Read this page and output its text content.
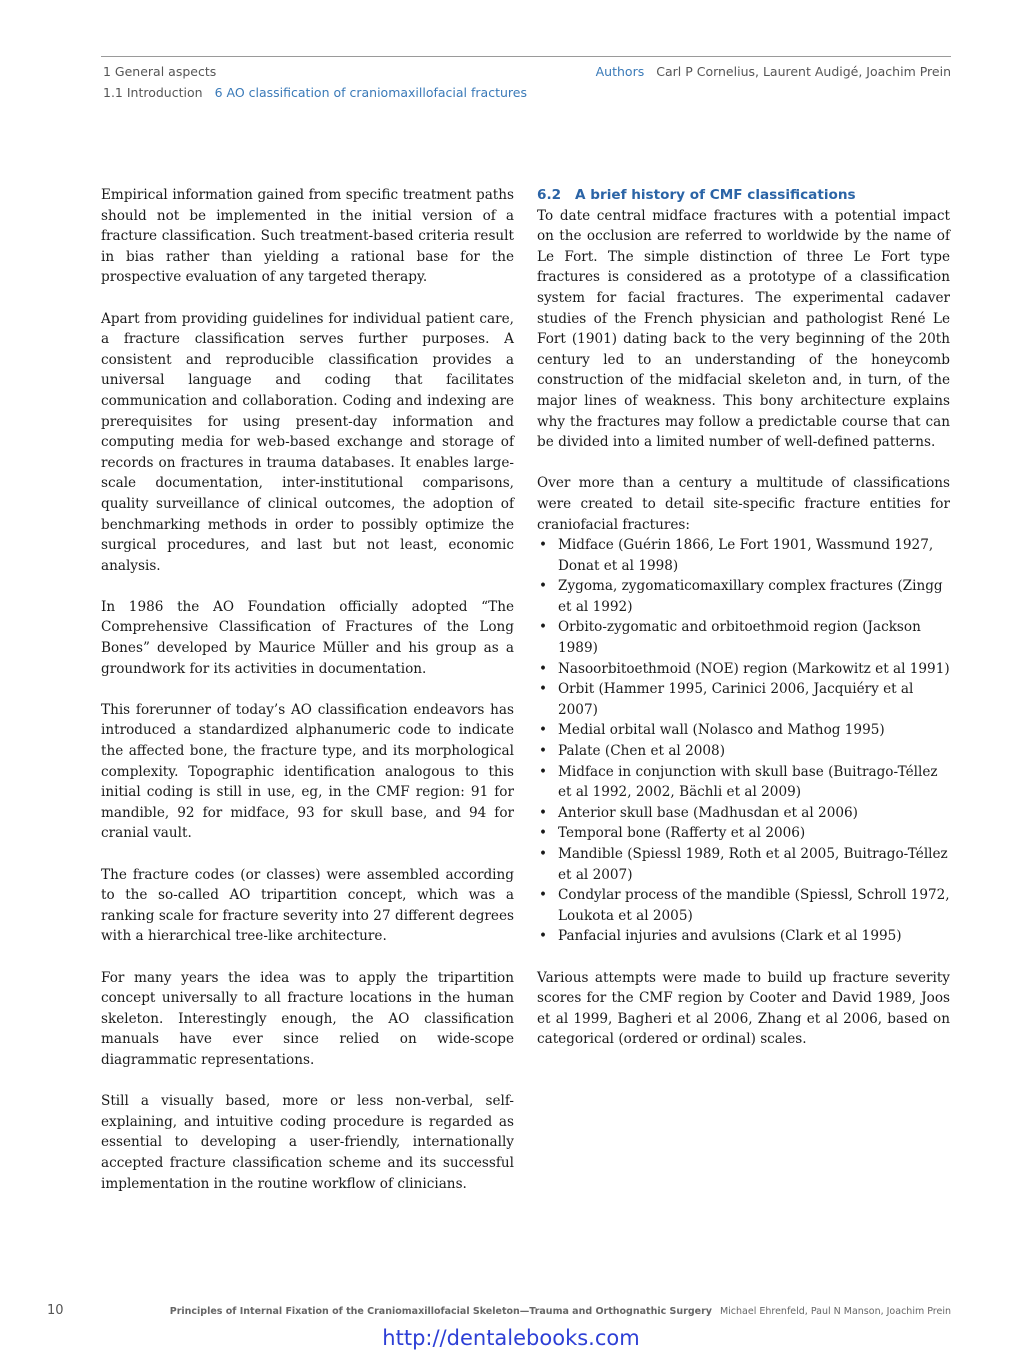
1 General aspects
1.1 Introduction 6 AO classification of craniomaxillofacial fractures
Authors Carl P Cornelius, Laurent Audigé, Joachim Prein

Empirical information gained from specific treatment paths should not be implemented in the initial version of a fracture classification. Such treatment-based criteria result in bias rather than yielding a rational base for the prospective evaluation of any targeted therapy.

Apart from providing guidelines for individual patient care, a fracture classification serves further purposes. A consistent and reproducible classification provides a universal language and coding that facilitates communication and collaboration. Coding and indexing are prerequisites for using present-day information and computing media for web-based exchange and storage of records on fractures in trauma databases. It enables large-scale documentation, inter-institutional comparisons, quality surveillance of clinical outcomes, the adoption of benchmarking methods in order to possibly optimize the surgical procedures, and last but not least, economic analysis.

In 1986 the AO Foundation officially adopted “The Comprehensive Classification of Fractures of the Long Bones” developed by Maurice Müller and his group as a groundwork for its activities in documentation.

This forerunner of today’s AO classification endeavors has introduced a standardized alphanumeric code to indicate the affected bone, the fracture type, and its morphological complexity. Topographic identification analogous to this initial coding is still in use, eg, in the CMF region: 91 for mandible, 92 for midface, 93 for skull base, and 94 for cranial vault.

The fracture codes (or classes) were assembled according to the so-called AO tripartition concept, which was a ranking scale for fracture severity into 27 different degrees with a hierarchical tree-like architecture.

For many years the idea was to apply the tripartition concept universally to all fracture locations in the human skeleton. Interestingly enough, the AO classification manuals have ever since relied on wide-scope diagrammatic representations.

Still a visually based, more or less non-verbal, self-explaining, and intuitive coding procedure is regarded as essential to developing a user-friendly, internationally accepted fracture classification scheme and its successful implementation in the routine workflow of clinicians.

6.2 A brief history of CMF classifications

To date central midface fractures with a potential impact on the occlusion are referred to worldwide by the name of Le Fort. The simple distinction of three Le Fort type fractures is considered as a prototype of a classification system for facial fractures. The experimental cadaver studies of the French physician and pathologist René Le Fort (1901) dating back to the very beginning of the 20th century led to an understanding of the honeycomb construction of the midfacial skeleton and, in turn, of the major lines of weakness. This bony architecture explains why the fractures may follow a predictable course that can be divided into a limited number of well-defined patterns.

Over more than a century a multitude of classifications were created to detail site-specific fracture entities for craniofacial fractures:

• Midface (Guérin 1866, Le Fort 1901, Wassmund 1927, Donat et al 1998)
• Zygoma, zygomaticomaxillary complex fractures (Zingg et al 1992)
• Orbito-zygomatic and orbitoethmoid region (Jackson 1989)
• Nasoorbitoethmoid (NOE) region (Markowitz et al 1991)
• Orbit (Hammer 1995, Carinici 2006, Jacquiéry et al 2007)
• Medial orbital wall (Nolasco and Mathog 1995)
• Palate (Chen et al 2008)
• Midface in conjunction with skull base (Buitrago-Téllez et al 1992, 2002, Bächli et al 2009)
• Anterior skull base (Madhusdan et al 2006)
• Temporal bone (Rafferty et al 2006)
• Mandible (Spiessl 1989, Roth et al 2005, Buitrago-Téllez et al 2007)
• Condylar process of the mandible (Spiessl, Schroll 1972, Loukota et al 2005)
• Panfacial injuries and avulsions (Clark et al 1995)

Various attempts were made to build up fracture severity scores for the CMF region by Cooter and David 1989, Joos et al 1999, Bagheri et al 2006, Zhang et al 2006, based on categorical (ordered or ordinal) scales.

10	Principles of Internal Fixation of the Craniomaxillofacial Skeleton—Trauma and Orthognathic Surgery Michael Ehrenfeld, Paul N Manson, Joachim Prein
http://dentalebooks.com
